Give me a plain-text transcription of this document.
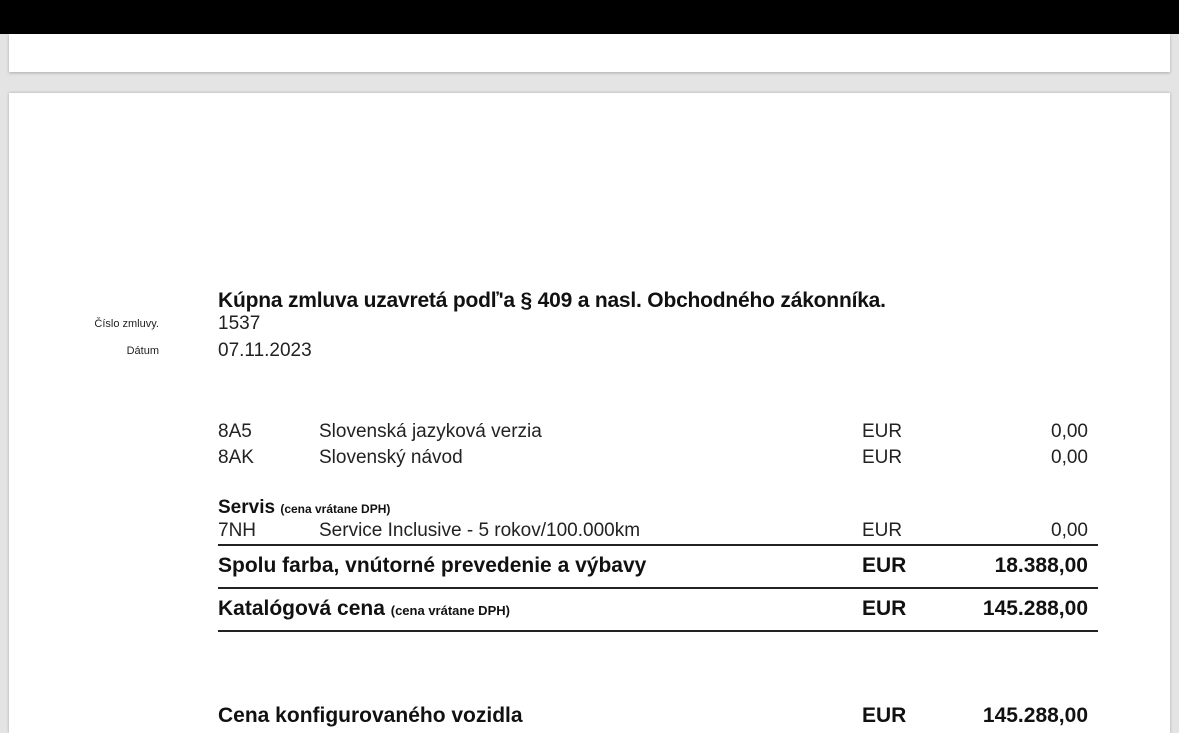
Kúpna zmluva uzavretá podľ'a § 409 a nasl. Obchodného zákonníka.
Číslo zmluvy.	1537
Dátum	07.11.2023
8A5	Slovenská jazyková verzia	EUR	0,00
8AK	Slovenský návod	EUR	0,00
Servis (cena vrátane DPH)
7NH	Service Inclusive - 5 rokov/100.000km	EUR	0,00
Spolu farba, vnútorné prevedenie a výbavy	EUR	18.388,00
Katalógová cena (cena vrátane DPH)	EUR	145.288,00
Cena konfigurovaného vozidla	EUR	145.288,00
